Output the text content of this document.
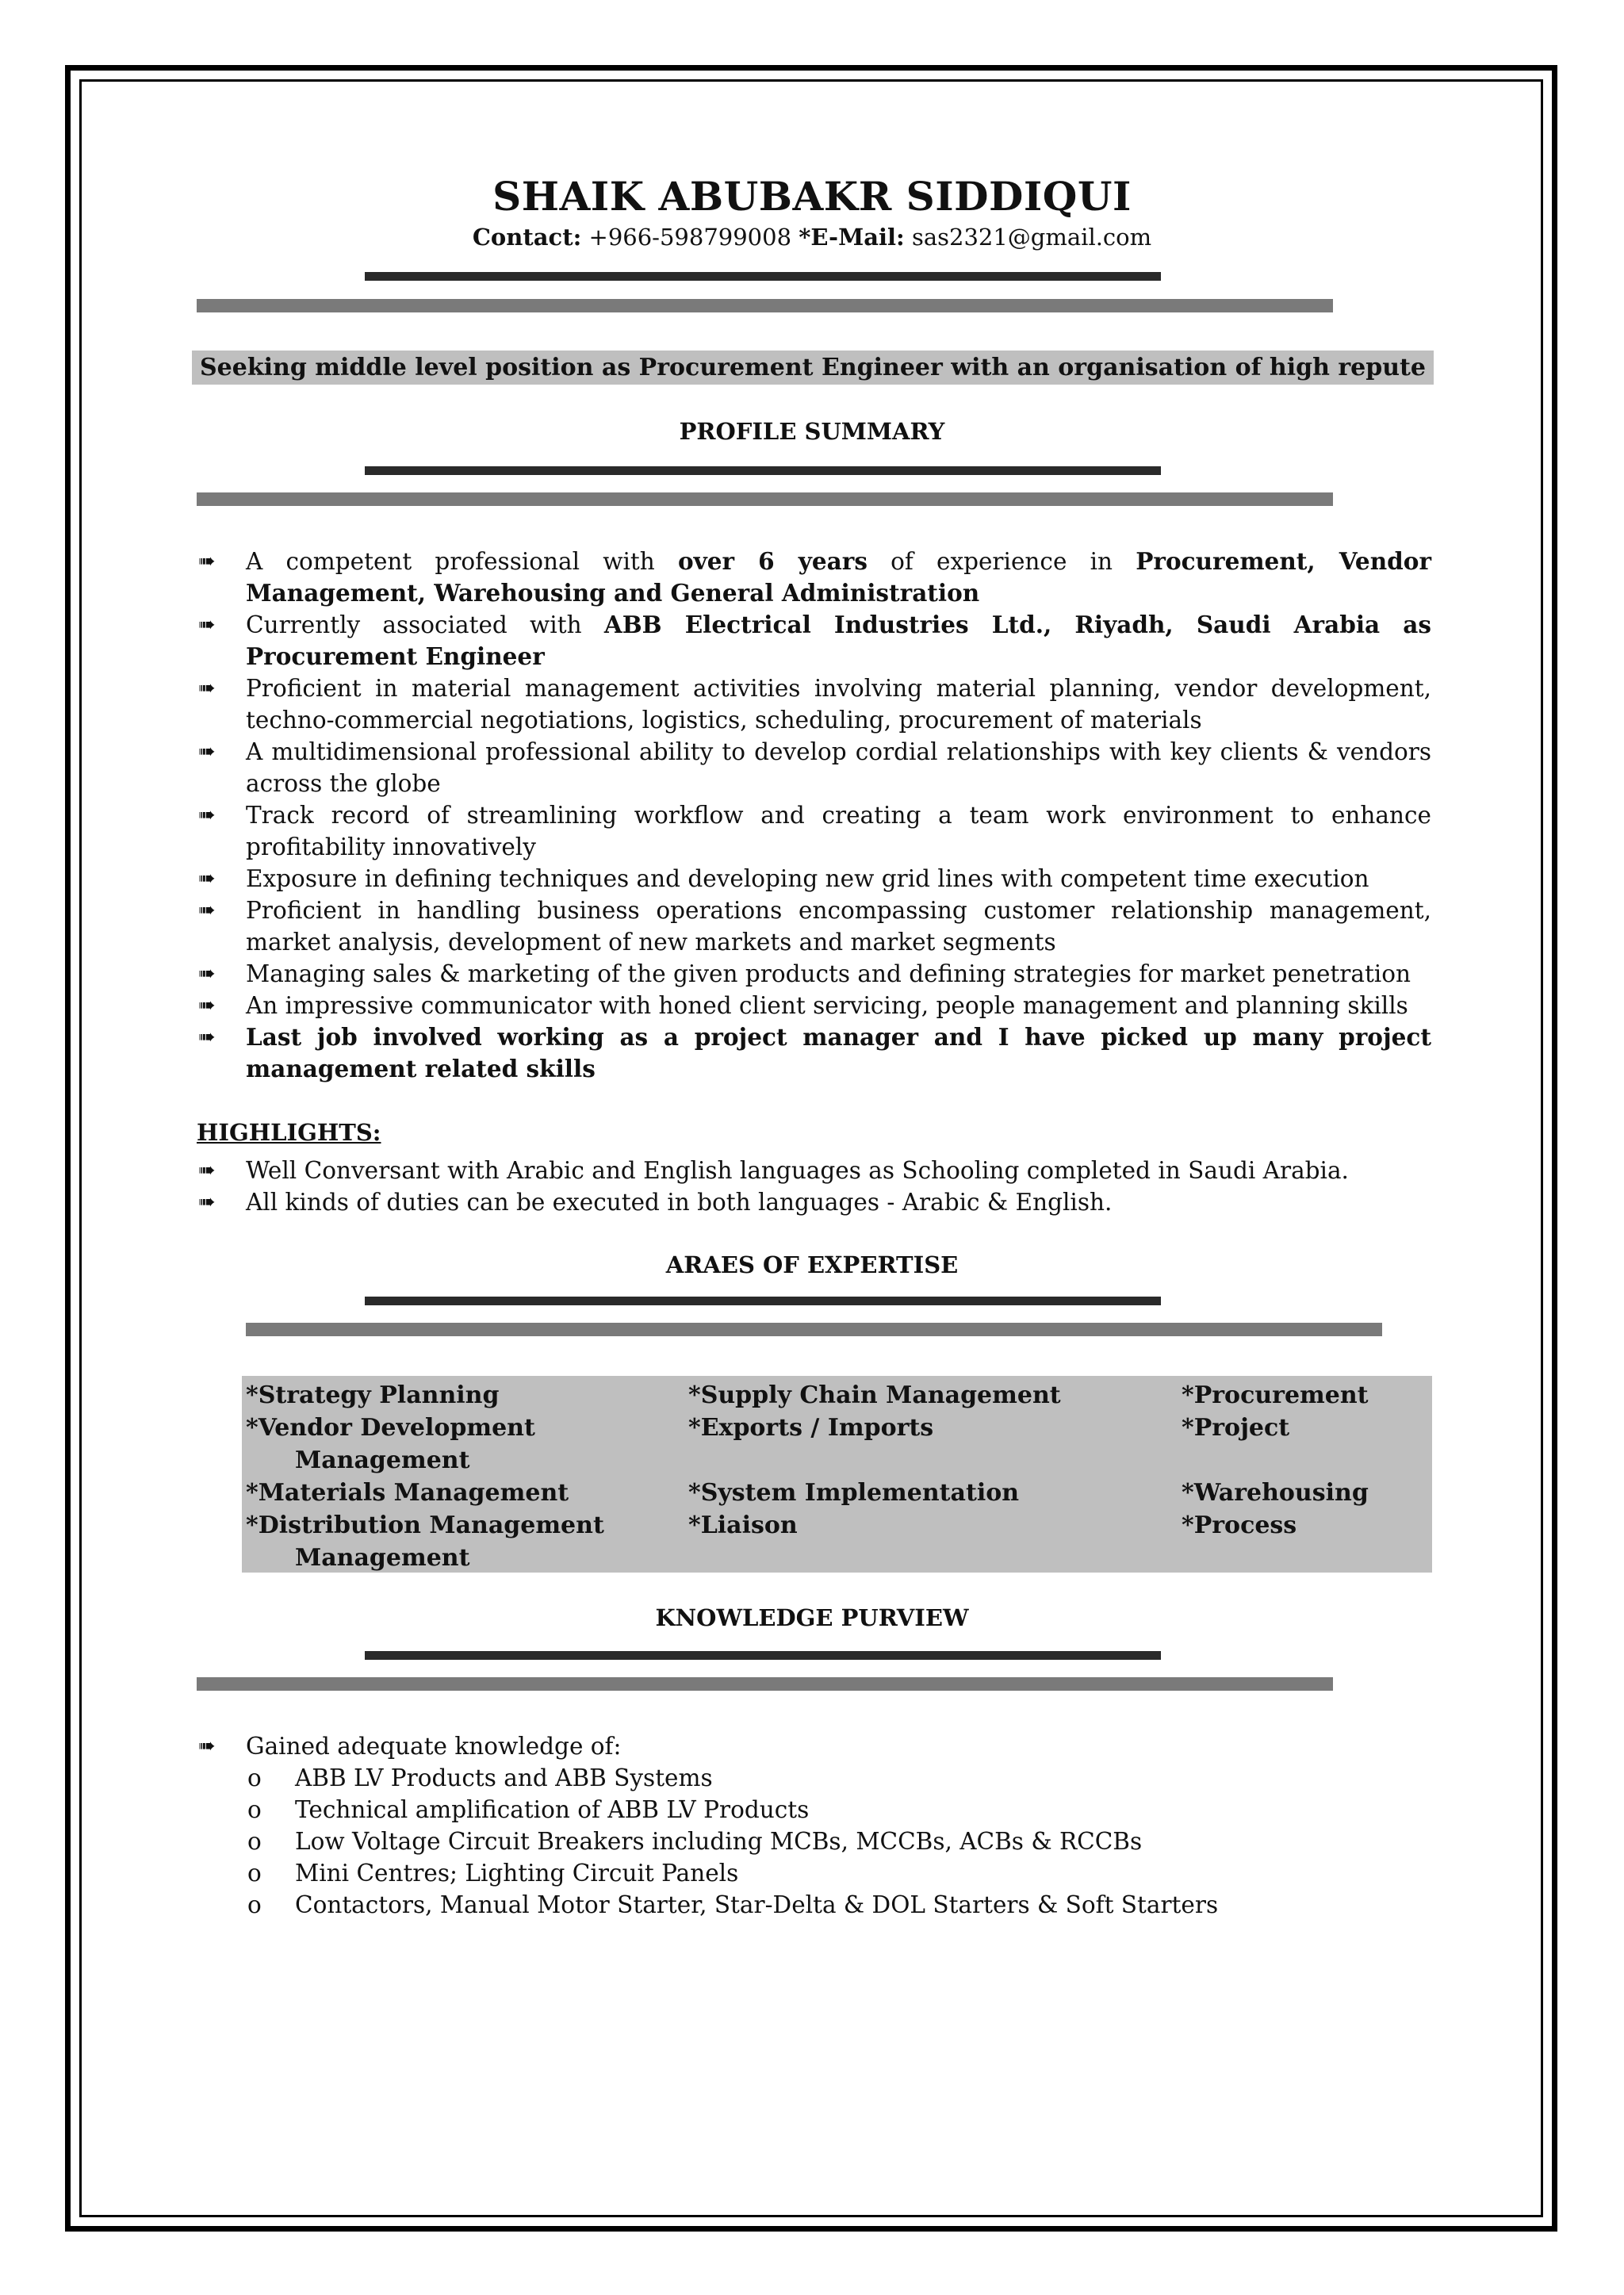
SHAIK ABUBAKR SIDDIQUI
Contact: +966-598799008 *E-Mail: sas2321@gmail.com
Seeking middle level position as Procurement Engineer with an organisation of high repute
PROFILE SUMMARY
➠ A competent professional with over 6 years of experience in Procurement, Vendor Management, Warehousing and General Administration
➠ Currently associated with ABB Electrical Industries Ltd., Riyadh, Saudi Arabia as Procurement Engineer
➠ Proficient in material management activities involving material planning, vendor development, techno-commercial negotiations, logistics, scheduling, procurement of materials
➠ A multidimensional professional ability to develop cordial relationships with key clients & vendors across the globe
➠ Track record of streamlining workflow and creating a team work environment to enhance profitability innovatively
➠ Exposure in defining techniques and developing new grid lines with competent time execution
➠ Proficient in handling business operations encompassing customer relationship management, market analysis, development of new markets and market segments
➠ Managing sales & marketing of the given products and defining strategies for market penetration
➠ An impressive communicator with honed client servicing, people management and planning skills
➠ Last job involved working as a project manager and I have picked up many project management related skills
HIGHLIGHTS:
➠ Well Conversant with Arabic and English languages as Schooling completed in Saudi Arabia.
➠ All kinds of duties can be executed in both languages - Arabic & English.
ARAES OF EXPERTISE
*Strategy Planning
*Vendor Development
Management
*Materials Management
*Distribution Management
Management
*Supply Chain Management
*Exports / Imports
*System Implementation
*Liaison
*Procurement
*Project
*Warehousing
*Process
KNOWLEDGE PURVIEW
➠ Gained adequate knowledge of:
o ABB LV Products and ABB Systems
o Technical amplification of ABB LV Products
o Low Voltage Circuit Breakers including MCBs, MCCBs, ACBs & RCCBs
o Mini Centres; Lighting Circuit Panels
o Contactors, Manual Motor Starter, Star-Delta & DOL Starters & Soft Starters
